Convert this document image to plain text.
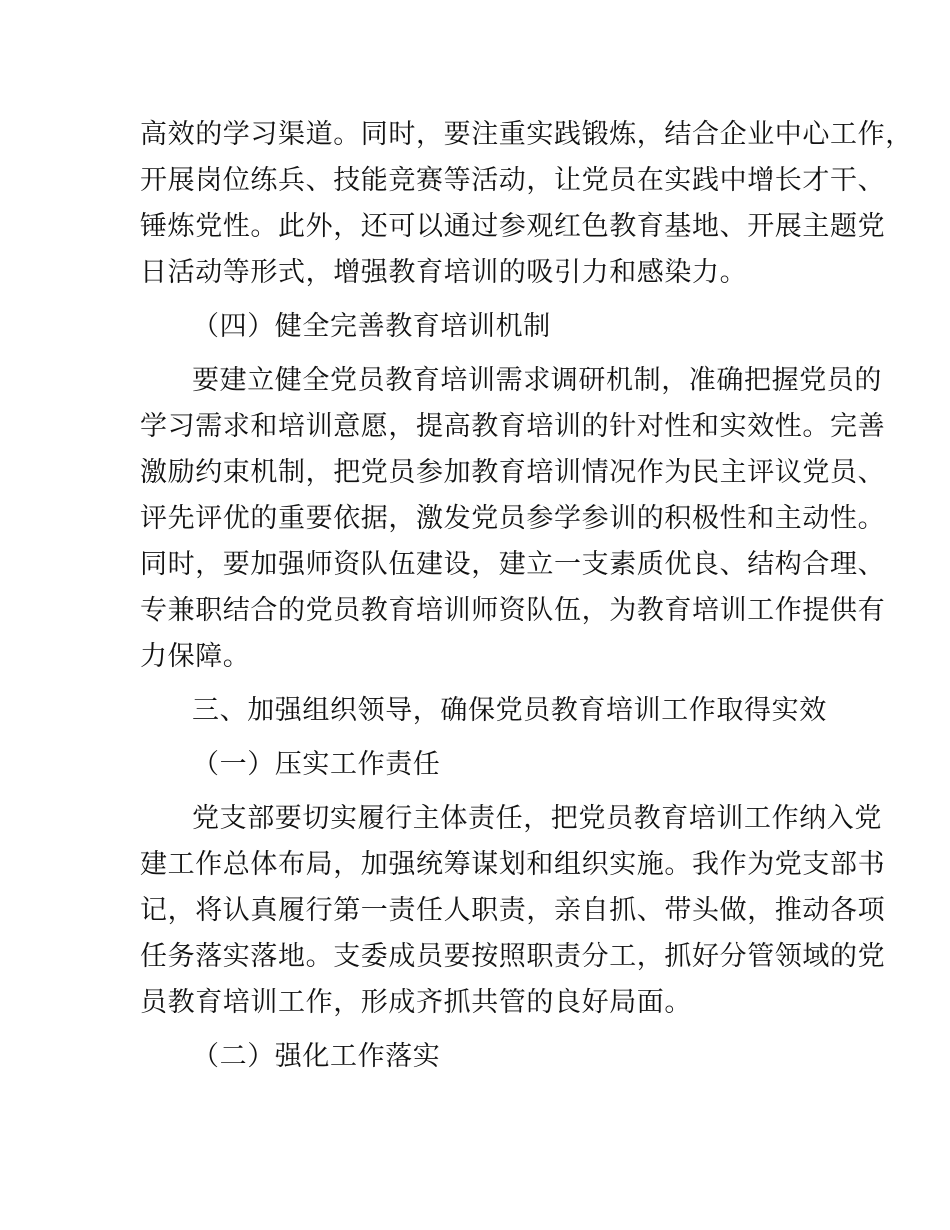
高效的学习渠道。同时，要注重实践锻炼，结合企业中心工作，
开展岗位练兵、技能竞赛等活动，让党员在实践中增长才干、
锤炼党性。此外，还可以通过参观红色教育基地、开展主题党
日活动等形式，增强教育培训的吸引力和感染力。
（四）健全完善教育培训机制
要建立健全党员教育培训需求调研机制，准确把握党员的
学习需求和培训意愿，提高教育培训的针对性和实效性。完善
激励约束机制，把党员参加教育培训情况作为民主评议党员、
评先评优的重要依据，激发党员参学参训的积极性和主动性。
同时，要加强师资队伍建设，建立一支素质优良、结构合理、
专兼职结合的党员教育培训师资队伍，为教育培训工作提供有
力保障。
三、加强组织领导，确保党员教育培训工作取得实效
（一）压实工作责任
党支部要切实履行主体责任，把党员教育培训工作纳入党
建工作总体布局，加强统筹谋划和组织实施。我作为党支部书
记，将认真履行第一责任人职责，亲自抓、带头做，推动各项
任务落实落地。支委成员要按照职责分工，抓好分管领域的党
员教育培训工作，形成齐抓共管的良好局面。
（二）强化工作落实
